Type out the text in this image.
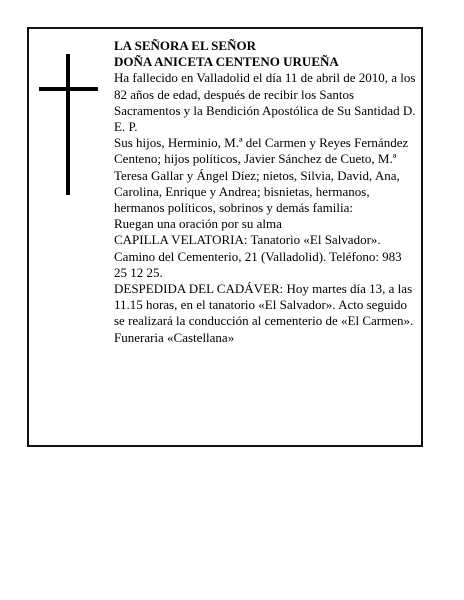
LA SEÑORA EL SEÑOR

DOÑA ANICETA CENTENO URUEÑA

Ha fallecido en Valladolid el día 11 de abril de 2010, a los 82 años de edad, después de recibir los Santos Sacramentos y la Bendición Apostólica de Su Santidad D. E. P.

Sus hijos, Herminio, M.ª del Carmen y Reyes Fernández Centeno; hijos políticos, Javier Sánchez de Cueto, M.ª Teresa Gallar y Ángel Díez; nietos, Silvia, David, Ana, Carolina, Enrique y Andrea; bisnietas, hermanos, hermanos políticos, sobrinos y demás familia:

Ruegan una oración por su alma

CAPILLA VELATORIA: Tanatorio «El Salvador». Camino del Cementerio, 21 (Valladolid). Teléfono: 983 25 12 25.

DESPEDIDA DEL CADÁVER: Hoy martes día 13, a las 11.15 horas, en el tanatorio «El Salvador». Acto seguido se realizará la conducción al cementerio de «El Carmen».

Funeraria «Castellana»
